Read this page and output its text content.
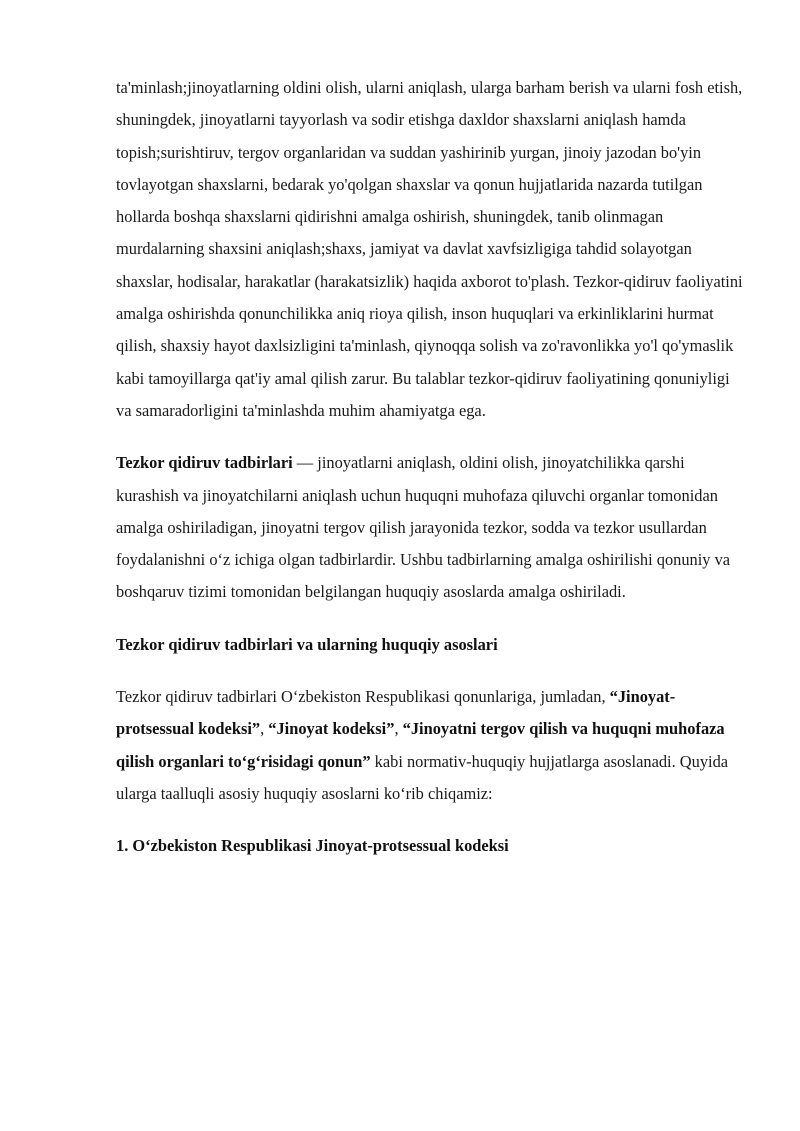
ta'minlash;jinoyatlarning oldini olish, ularni aniqlash, ularga barham berish va ularni fosh etish, shuningdek, jinoyatlarni tayyorlash va sodir etishga daxldor shaxslarni aniqlash hamda topish;surishtiruv, tergov organlaridan va suddan yashirinib yurgan, jinoiy jazodan bo'yin tovlayotgan shaxslarni, bedarak yo'qolgan shaxslar va qonun hujjatlarida nazarda tutilgan hollarda boshqa shaxslarni qidirishni amalga oshirish, shuningdek, tanib olinmagan murdalarning shaxsini aniqlash;shaxs, jamiyat va davlat xavfsizligiga tahdid solayotgan shaxslar, hodisalar, harakatlar (harakatsizlik) haqida axborot to'plash. Tezkor-qidiruv faoliyatini amalga oshirishda qonunchilikka aniq rioya qilish, inson huquqlari va erkinliklarini hurmat qilish, shaxsiy hayot daxlsizligini ta'minlash, qiynoqqa solish va zo'ravonlikka yo'l qo'ymaslik kabi tamoyillarga qat'iy amal qilish zarur. Bu talablar tezkor-qidiruv faoliyatining qonuniyligi va samaradorligini ta'minlashda muhim ahamiyatga ega.

Tezkor qidiruv tadbirlari — jinoyatlarni aniqlash, oldini olish, jinoyatchilikka qarshi kurashish va jinoyatchilarni aniqlash uchun huquqni muhofaza qiluvchi organlar tomonidan amalga oshiriladigan, jinoyatni tergov qilish jarayonida tezkor, sodda va tezkor usullardan foydalanishni o‘z ichiga olgan tadbirlardir. Ushbu tadbirlarning amalga oshirilishi qonuniy va boshqaruv tizimi tomonidan belgilangan huquqiy asoslarda amalga oshiriladi.

Tezkor qidiruv tadbirlari va ularning huquqiy asoslari

Tezkor qidiruv tadbirlari O‘zbekiston Respublikasi qonunlariga, jumladan, “Jinoyat-protsessual kodeksi”, “Jinoyat kodeksi”, “Jinoyatni tergov qilish va huquqni muhofaza qilish organlari to‘g‘risidagi qonun” kabi normativ-huquqiy hujjatlarga asoslanadi. Quyida ularga taalluqli asosiy huquqiy asoslarni ko‘rib chiqamiz:

1. O‘zbekiston Respublikasi Jinoyat-protsessual kodeksi
